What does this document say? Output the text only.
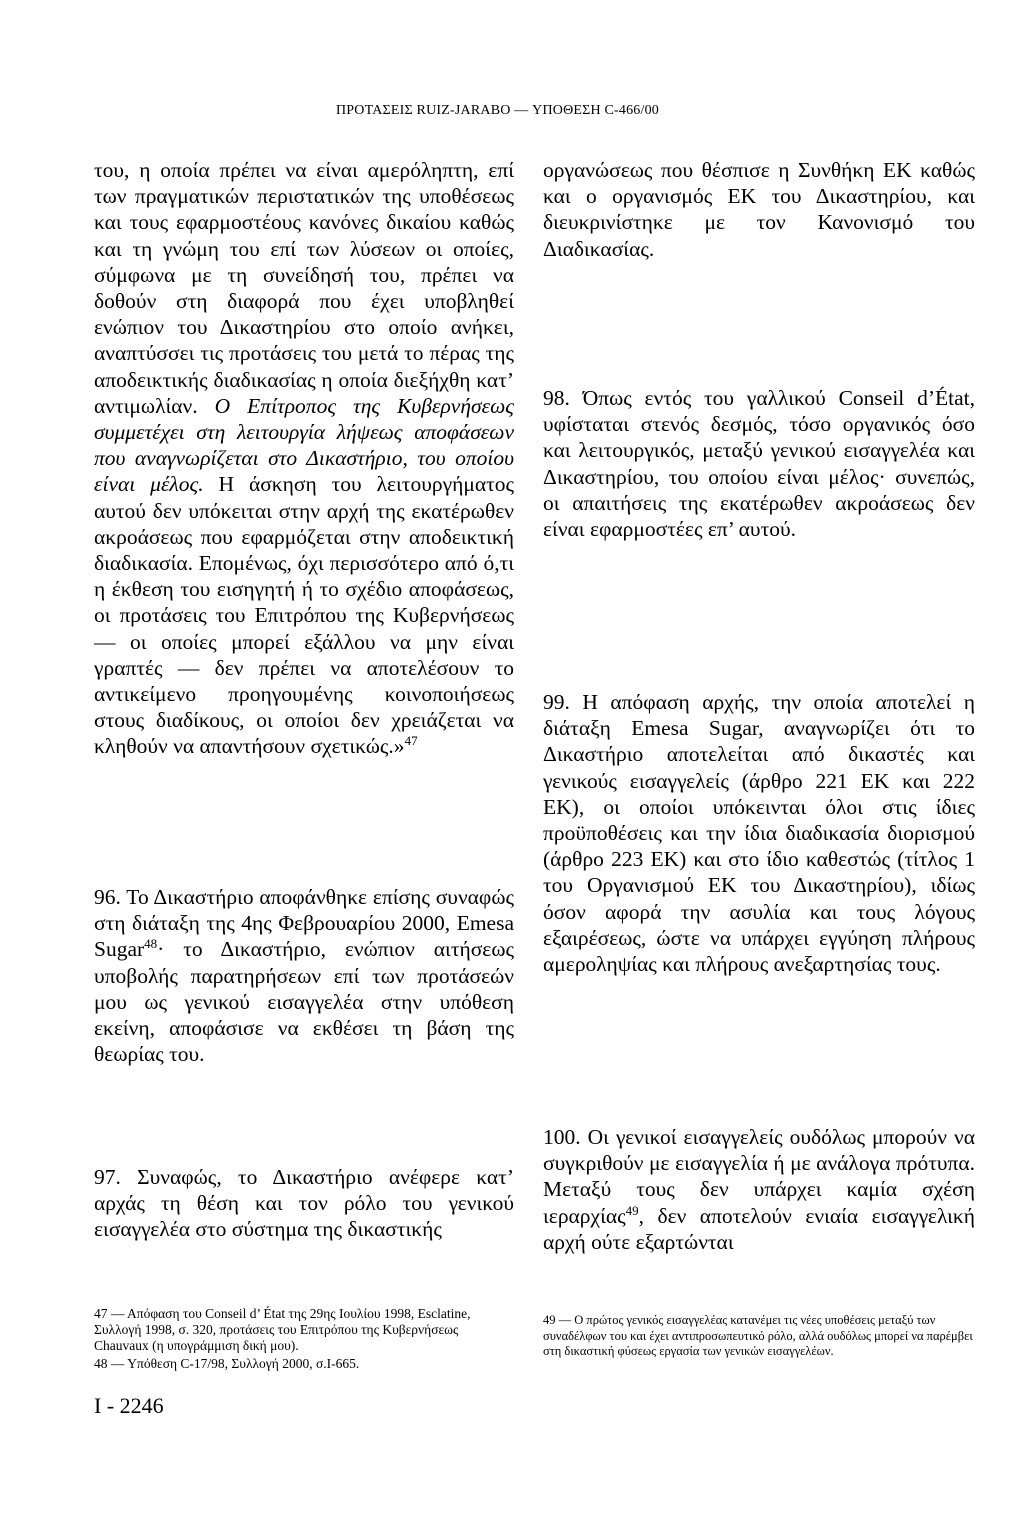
ΠΡΟΤΑΣΕΙΣ RUIZ-JARABO — ΥΠΟΘΕΣΗ C-466/00

του, η οποία πρέπει να είναι αμερόληπτη, επί των πραγματικών περιστατικών της υποθέσεως και τους εφαρμοστέους κανόνες δικαίου καθώς και τη γνώμη του επί των λύσεων οι οποίες, σύμφωνα με τη συνείδησή του, πρέπει να δοθούν στη διαφορά που έχει υποβληθεί ενώπιον του Δικαστηρίου στο οποίο ανήκει, αναπτύσσει τις προτάσεις του μετά το πέρας της αποδεικτικής διαδικασίας η οποία διεξήχθη κατ’ αντιμωλίαν. Ο Επίτροπος της Κυβερνήσεως συμμετέχει στη λειτουργία λήψεως αποφάσεων που αναγνωρίζεται στο Δικαστήριο, του οποίου είναι μέλος. Η άσκηση του λειτουργήματος αυτού δεν υπόκειται στην αρχή της εκατέρωθεν ακροάσεως που εφαρμόζεται στην αποδεικτική διαδικασία. Επομένως, όχι περισσότερο από ό,τι η έκθεση του εισηγητή ή το σχέδιο αποφάσεως, οι προτάσεις του Επιτρόπου της Κυβερνήσεως — οι οποίες μπορεί εξάλλου να μην είναι γραπτές — δεν πρέπει να αποτελέσουν το αντικείμενο προηγουμένης κοινοποιήσεως στους διαδίκους, οι οποίοι δεν χρειάζεται να κληθούν να απαντήσουν σχετικώς.»$^{47}$

96. Το Δικαστήριο αποφάνθηκε επίσης συναφώς στη διάταξη της 4ης Φεβρουαρίου 2000, Emesa Sugar$^{48}$· το Δικαστήριο, ενώπιον αιτήσεως υποβολής παρατηρήσεων επί των προτάσεών μου ως γενικού εισαγγελέα στην υπόθεση εκείνη, αποφάσισε να εκθέσει τη βάση της θεωρίας του.

97. Συναφώς, το Δικαστήριο ανέφερε κατ’ αρχάς τη θέση και τον ρόλο του γενικού εισαγγελέα στο σύστημα της δικαστικής

οργανώσεως που θέσπισε η Συνθήκη ΕΚ καθώς και ο οργανισμός ΕΚ του Δικαστηρίου, και διευκρινίστηκε με τον Κανονισμό του Διαδικασίας.

98. Όπως εντός του γαλλικού Conseil d’État, υφίσταται στενός δεσμός, τόσο οργανικός όσο και λειτουργικός, μεταξύ γενικού εισαγγελέα και Δικαστηρίου, του οποίου είναι μέλος· συνεπώς, οι απαιτήσεις της εκατέρωθεν ακροάσεως δεν είναι εφαρμοστέες επ’ αυτού.

99. Η απόφαση αρχής, την οποία αποτελεί η διάταξη Emesa Sugar, αναγνωρίζει ότι το Δικαστήριο αποτελείται από δικαστές και γενικούς εισαγγελείς (άρθρο 221 ΕΚ και 222 ΕΚ), οι οποίοι υπόκεινται όλοι στις ίδιες προϋποθέσεις και την ίδια διαδικασία διορισμού (άρθρο 223 ΕΚ) και στο ίδιο καθεστώς (τίτλος 1 του Οργανισμού ΕΚ του Δικαστηρίου), ιδίως όσον αφορά την ασυλία και τους λόγους εξαιρέσεως, ώστε να υπάρχει εγγύηση πλήρους αμεροληψίας και πλήρους ανεξαρτησίας τους.

100. Οι γενικοί εισαγγελείς ουδόλως μπορούν να συγκριθούν με εισαγγελία ή με ανάλογα πρότυπα. Μεταξύ τους δεν υπάρχει καμία σχέση ιεραρχίας$^{49}$, δεν αποτελούν ενιαία εισαγγελική αρχή ούτε εξαρτώνται

47 — Απόφαση του Conseil d’ État της 29ης Ιουλίου 1998, Esclatine, Συλλογή 1998, σ. 320, προτάσεις του Επιτρόπου της Κυβερνήσεως Chauvaux (η υπογράμμιση δική μου).

48 — Υπόθεση C-17/98, Συλλογή 2000, σ.I-665.

49 — Ο πρώτος γενικός εισαγγελέας κατανέμει τις νέες υποθέσεις μεταξύ των συναδέλφων του και έχει αντιπροσωπευτικό ρόλο, αλλά ουδόλως μπορεί να παρέμβει στη δικαστική φύσεως εργασία των γενικών εισαγγελέων.

I - 2246
